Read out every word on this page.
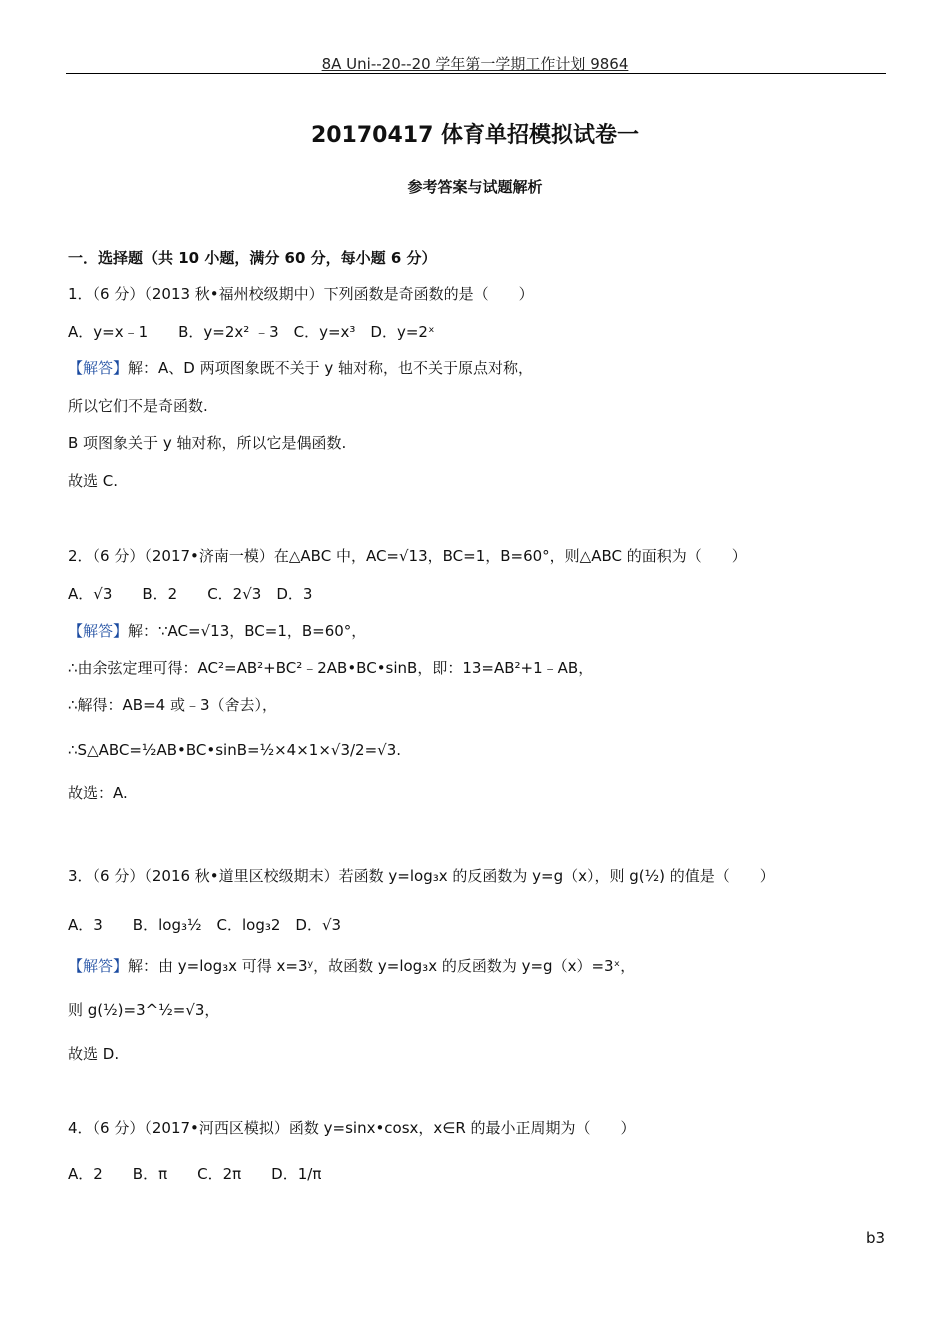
8A Uni--20--20 学年第一学期工作计划 9864
20170417 体育单招模拟试卷一
参考答案与试题解析
一．选择题（共 10 小题，满分 60 分，每小题 6 分）
1．（6 分）（2013 秋•福州校级期中）下列函数是奇函数的是（　　）
A．y=x﹣1　　B．y=2x² ﹣3　C．y=x³　D．y=2ˣ
【解答】解：A、D 两项图象既不关于 y 轴对称，也不关于原点对称，
所以它们不是奇函数.
B 项图象关于 y 轴对称，所以它是偶函数.
故选 C.
2．（6 分）（2017•济南一模）在△ABC 中，AC=√13，BC=1，B=60°，则△ABC 的面积为（　　）
A．√3　　B．2　　C．2√3　D．3
【解答】解：∵AC=√13，BC=1，B=60°，
∴由余弦定理可得：AC²=AB²+BC²﹣2AB•BC•sinB，即：13=AB²+1﹣AB，
∴解得：AB=4 或﹣3（舍去），
∴S△ABC=½AB•BC•sinB=½×4×1×√3/2=√3.
故选：A.
3．（6 分）（2016 秋•道里区校级期末）若函数 y=log₃x 的反函数为 y=g（x），则 g(½) 的值是（　　）
A．3　　B．log₃½　C．log₃2　D．√3
【解答】解：由 y=log₃x 可得 x=3ʸ，故函数 y=log₃x 的反函数为 y=g（x）=3ˣ，
则 g(½)=3^½=√3，
故选 D.
4．（6 分）（2017•河西区模拟）函数 y=sinx•cosx，x∈R 的最小正周期为（　　）
A．2　　B．π　　C．2π　　D．1/π
b3
